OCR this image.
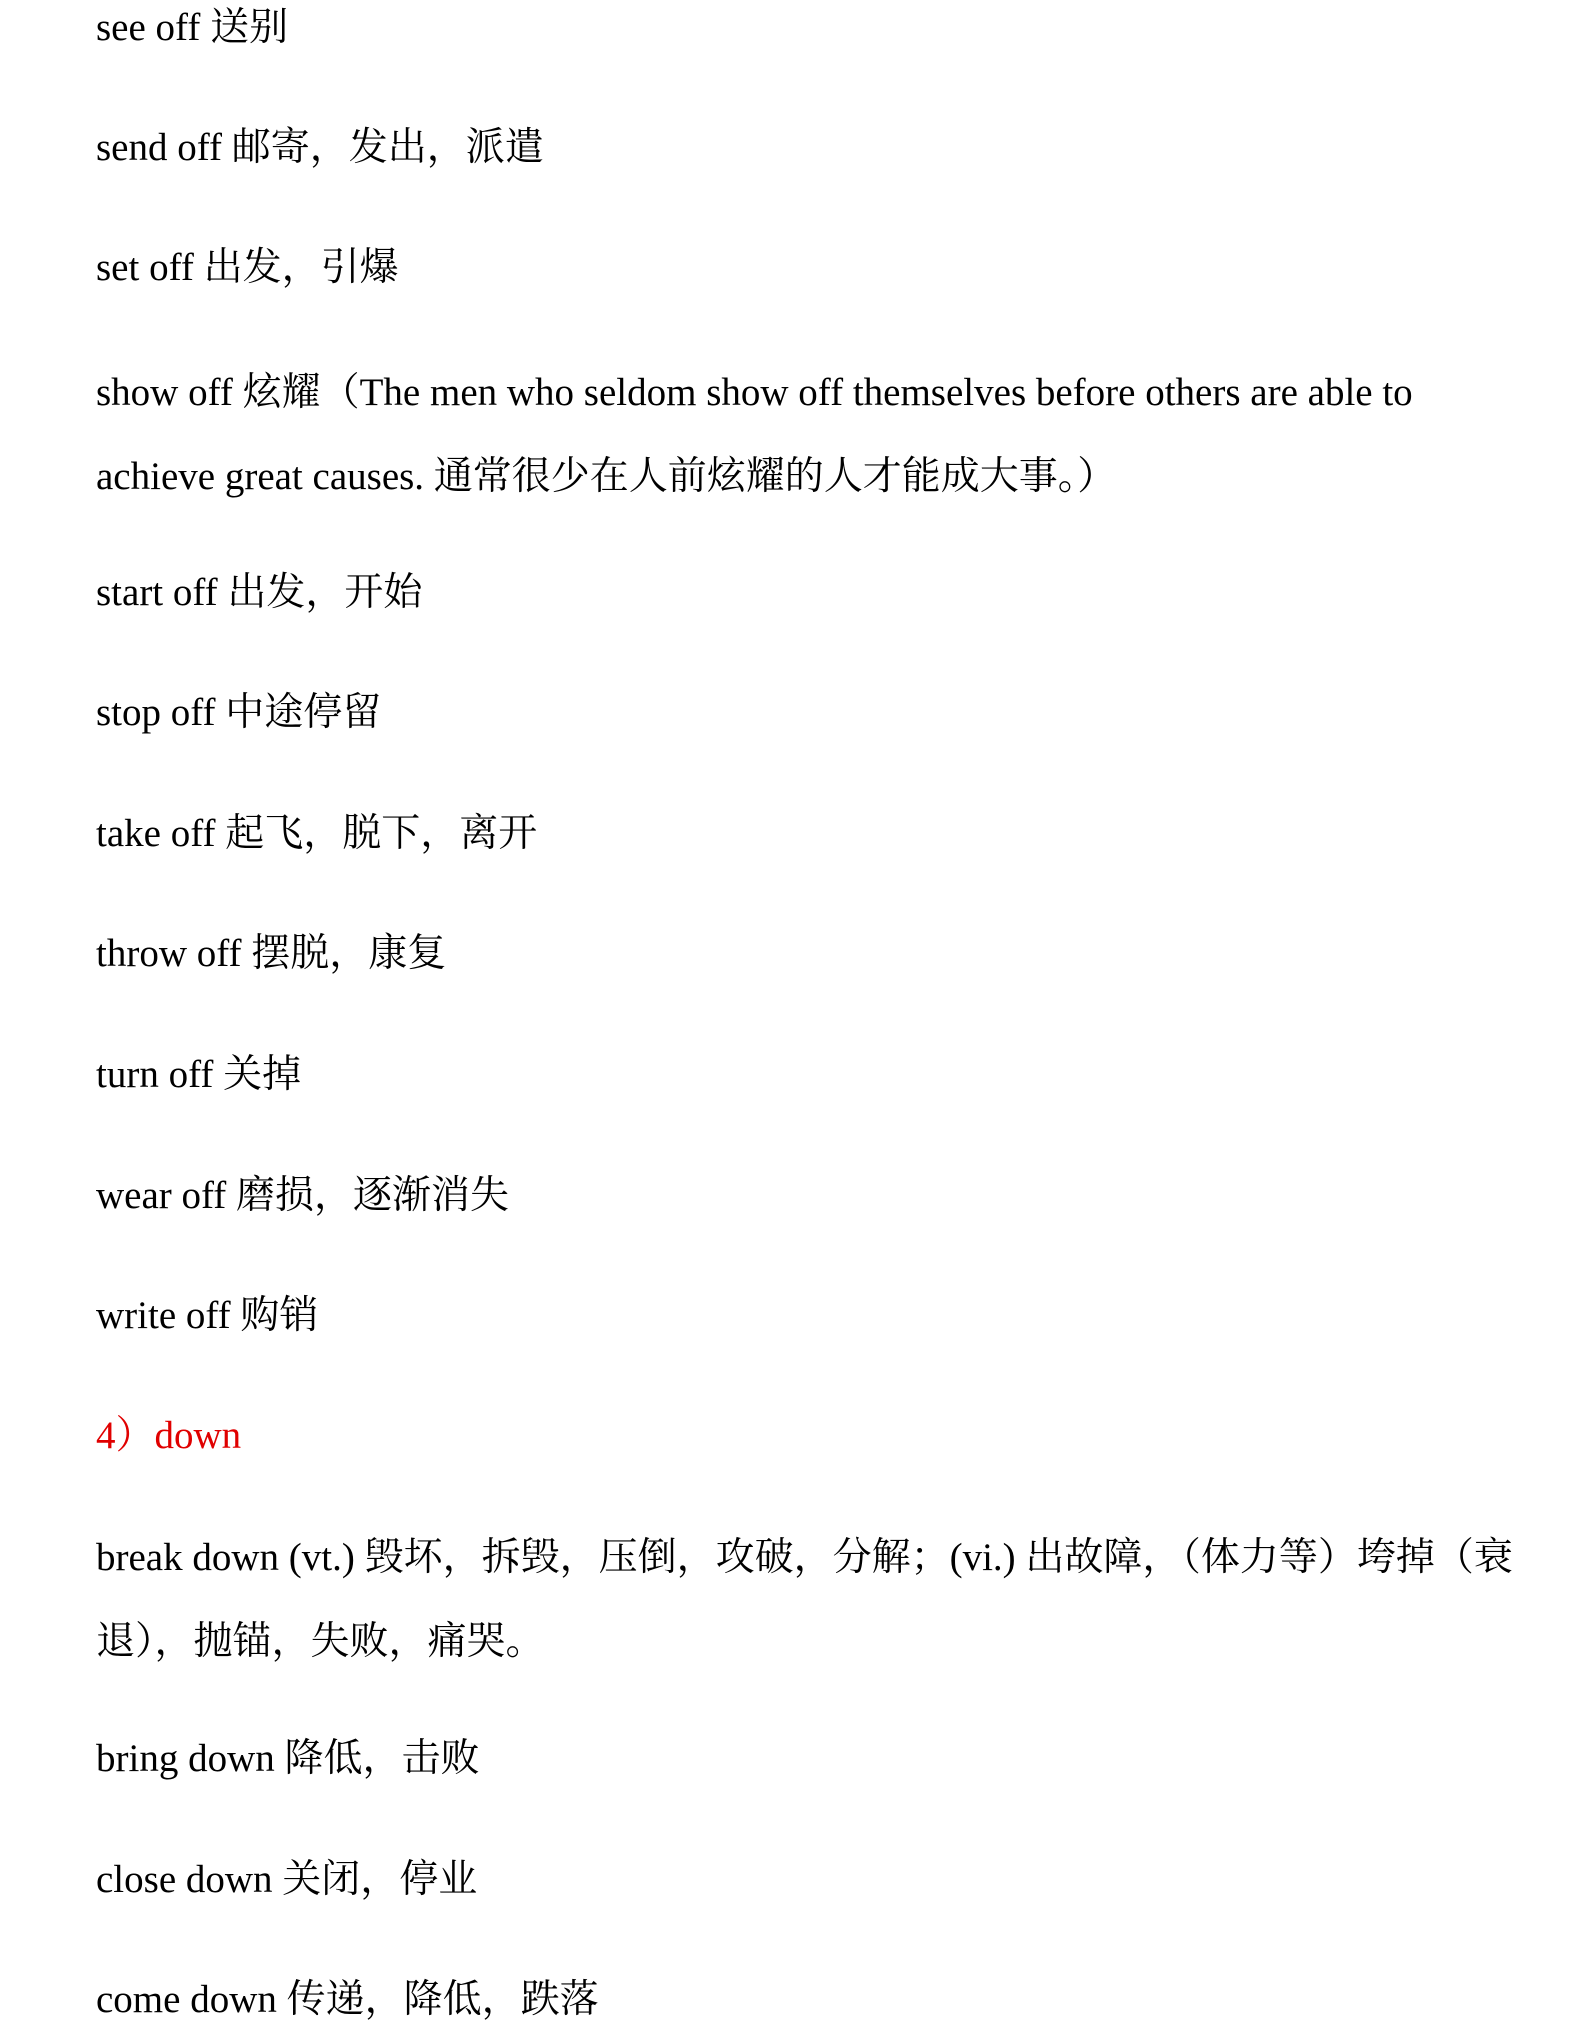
see off 送别
send off 邮寄，发出，派遣
set off 出发，引爆
show off 炫耀（The men who seldom show off themselves before others are able to achieve great causes. 通常很少在人前炫耀的人才能成大事。）
start off 出发，开始
stop off 中途停留
take off 起飞，脱下，离开
throw off 摆脱，康复
turn off 关掉
wear off 磨损，逐渐消失
write off 购销
4）down
break down (vt.) 毁坏，拆毁，压倒，攻破，分解；(vi.) 出故障，（体力等）垮掉（衰退），抛锚，失败，痛哭。
bring down 降低，击败
close down 关闭，停业
come down 传递，降低，跌落
